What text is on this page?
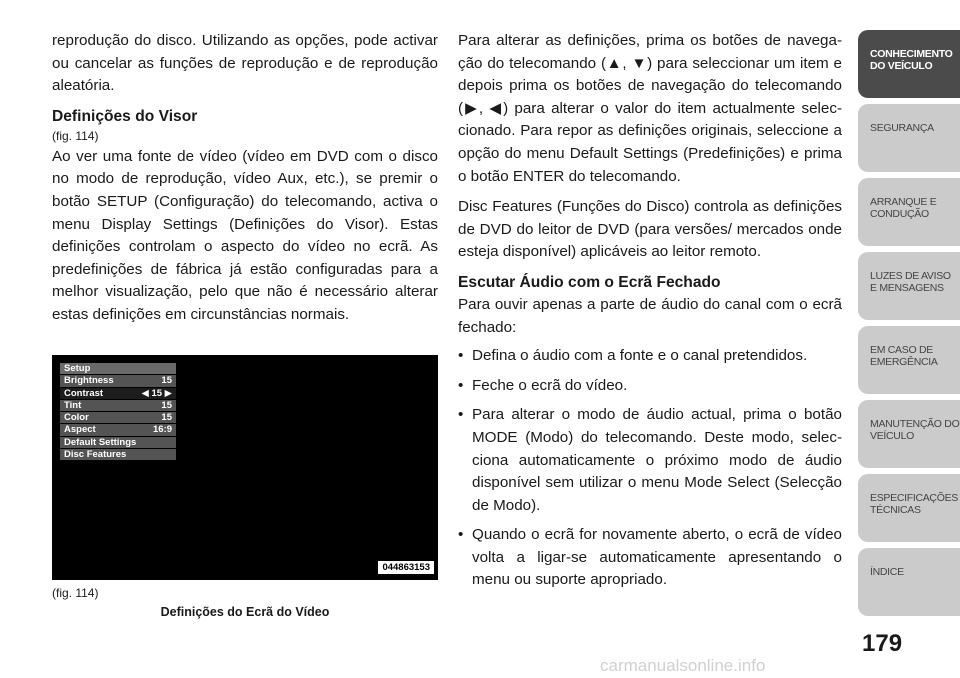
reprodução do disco. Utilizando as opções, pode activar ou cancelar as funções de reprodução e de reprodução aleatória.

Definições do Visor
(fig. 114)

Ao ver uma fonte de vídeo (vídeo em DVD com o disco no modo de reprodução, vídeo Aux, etc.), se premir o botão SETUP (Configuração) do telecomando, activa o menu Display Settings (Definições do Visor). Estas definições controlam o aspecto do vídeo no ecrã. As predefinições de fábrica já estão configuradas para a melhor visualização, pelo que não é necessário alterar estas definições em circunstâncias normais.

Setup
Brightness	15
Contrast	◀ 15 ▶
Tint	15
Color	15
Aspect	16:9
Default Settings
Disc Features
044863153
(fig. 114)
Definições do Ecrã do Vídeo

Para alterar as definições, prima os botões de navegação do telecomando (▲, ▼) para seleccionar um item e depois prima os botões de navegação do telecomando (▶, ◀) para alterar o valor do item actualmente seleccionado. Para repor as definições originais, seleccione a opção do menu Default Settings (Predefinições) e prima o botão ENTER do telecomando.

Disc Features (Funções do Disco) controla as definições de DVD do leitor de DVD (para versões/ mercados onde esteja disponível) aplicáveis ao leitor remoto.

Escutar Áudio com o Ecrã Fechado

Para ouvir apenas a parte de áudio do canal com o ecrã fechado:

• Defina o áudio com a fonte e o canal pretendidos.
• Feche o ecrã do vídeo.
• Para alterar o modo de áudio actual, prima o botão MODE (Modo) do telecomando. Deste modo, selecciona automaticamente o próximo modo de áudio disponível sem utilizar o menu Mode Select (Selecção de Modo).
• Quando o ecrã for novamente aberto, o ecrã de vídeo volta a ligar-se automaticamente apresentando o menu ou suporte apropriado.
CONHECIMENTO DO VEÍCULO
SEGURANÇA
ARRANQUE E CONDUÇÃO
LUZES DE AVISO E MENSAGENS
EM CASO DE EMERGÊNCIA
MANUTENÇÃO DO VEÍCULO
ESPECIFICAÇÕES TÉCNICAS
ÍNDICE
179
carmanualsonline.info
